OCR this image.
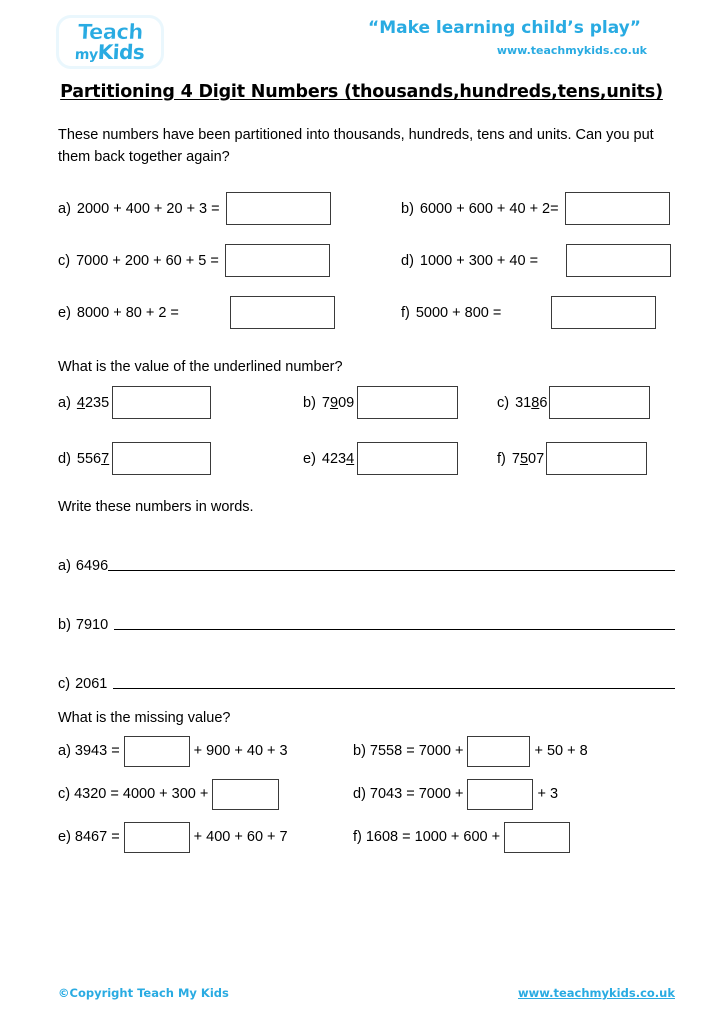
Teach
myKids
“Make learning child’s play”
www.teachmykids.co.uk
Partitioning 4 Digit Numbers (thousands,hundreds,tens,units)
These numbers have been partitioned into thousands, hundreds, tens and units. Can you put them back together again?
a) 2000 + 400 + 20 + 3 =	b) 6000 + 600 + 40 + 2=
c) 7000 + 200 + 60 + 5 =	d) 1000 + 300 + 40 =
e) 8000 + 80 + 2 =	f) 5000 + 800 =
What is the value of the underlined number?
a) 4235	b) 7909	c) 3186
d) 5567	e) 4234	f) 7507
Write these numbers in words.
a) 6496
b) 7910
c) 2061
What is the missing value?
a) 3943 =	+ 900 + 40 + 3	b) 7558 = 7000 +	+ 50 + 8
c) 4320 = 4000 + 300 +	d) 7043 = 7000 +	+ 3
e) 8467 =	+ 400 + 60 + 7	f) 1608 = 1000 + 600 +
©Copyright Teach My Kids	www.teachmykids.co.uk
